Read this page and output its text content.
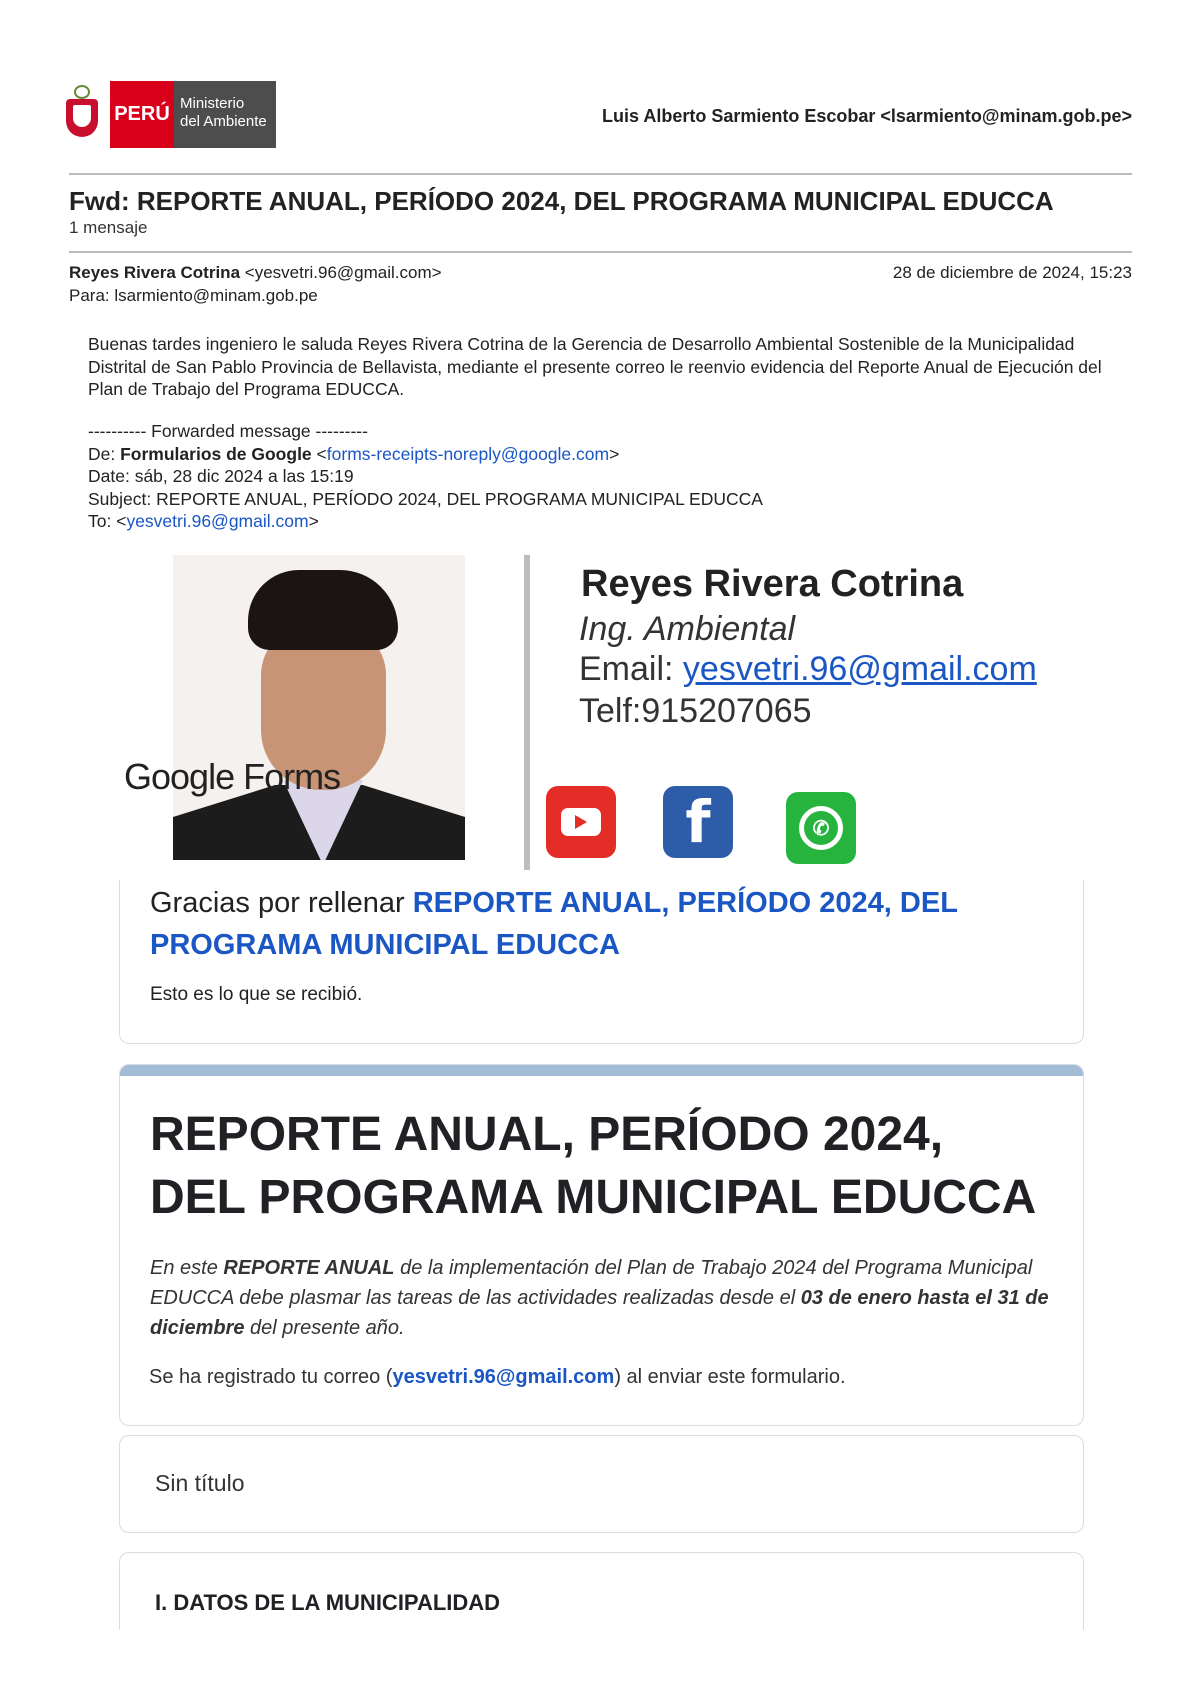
PERÚ Ministerio
del Ambiente	Luis Alberto Sarmiento Escobar <lsarmiento@minam.gob.pe>
Fwd: REPORTE ANUAL, PERÍODO 2024, DEL PROGRAMA MUNICIPAL EDUCCA
1 mensaje
Reyes Rivera Cotrina <yesvetri.96@gmail.com>	28 de diciembre de 2024, 15:23
Para: lsarmiento@minam.gob.pe
Buenas tardes ingeniero le saluda Reyes Rivera Cotrina de la Gerencia de Desarrollo Ambiental Sostenible de la Municipalidad Distrital de San Pablo Provincia de Bellavista, mediante el presente correo le reenvio evidencia del Reporte Anual de Ejecución del Plan de Trabajo del Programa EDUCCA.
---------- Forwarded message ---------
De: Formularios de Google <forms-receipts-noreply@google.com>
Date: sáb, 28 dic 2024 a las 15:19
Subject: REPORTE ANUAL, PERÍODO 2024, DEL PROGRAMA MUNICIPAL EDUCCA
To: <yesvetri.96@gmail.com>
Reyes Rivera Cotrina
Ing. Ambiental
Email: yesvetri.96@gmail.com
Telf:915207065
f	✆
Google Forms
Gracias por rellenar REPORTE ANUAL, PERÍODO 2024, DEL PROGRAMA MUNICIPAL EDUCCA
Esto es lo que se recibió.
REPORTE ANUAL, PERÍODO 2024, DEL PROGRAMA MUNICIPAL EDUCCA
En este REPORTE ANUAL de la implementación del Plan de Trabajo 2024 del Programa Municipal EDUCCA debe plasmar las tareas de las actividades realizadas desde el 03 de enero hasta el 31 de diciembre del presente año.
Se ha registrado tu correo (yesvetri.96@gmail.com) al enviar este formulario.
Sin título
I. DATOS DE LA MUNICIPALIDAD
